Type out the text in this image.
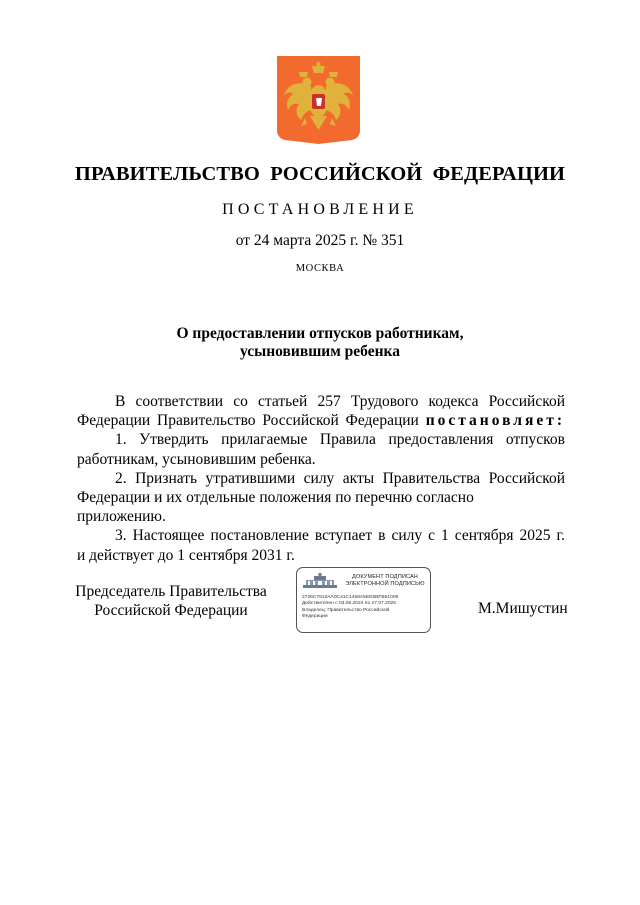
ПРАВИТЕЛЬСТВО РОССИЙСКОЙ ФЕДЕРАЦИИ
ПОСТАНОВЛЕНИЕ
от 24 марта 2025 г. № 351
МОСКВА
О предоставлении отпусков работникам,
усыновившим ребенка

В соответствии со статьей 257 Трудового кодекса Российской
Федерации Правительство Российской Федерации постановляет:

1. Утвердить прилагаемые Правила предоставления отпусков
работникам, усыновившим ребенка.

2. Признать утратившими силу акты Правительства Российской
Федерации и их отдельные положения по перечню согласно приложению.

3. Настоящее постановление вступает в силу с 1 сентября 2025 г.
и действует до 1 сентября 2031 г.

Председатель Правительства
Российской Федерации
ДОКУМЕНТ ПОДПИСАН
ЭЛЕКТРОННОЙ ПОДПИСЬЮ
2726C7810AA0C41C1458A5EE5BFB61009
Действителен с 03.05.2024 по 27.07.2025
Владелец: Правительство Российской
Федерации	М.Мишустин
